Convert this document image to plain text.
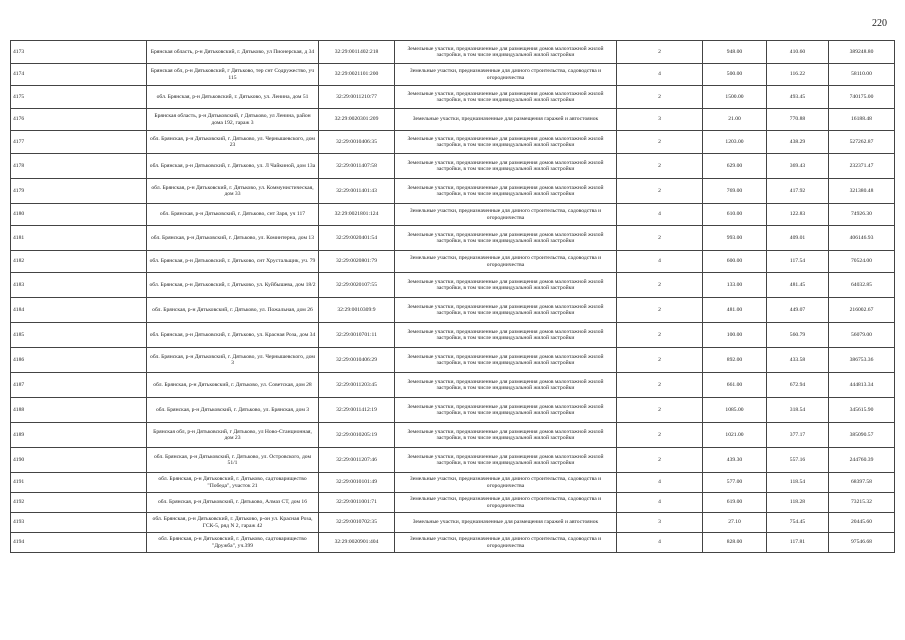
220
4173	Брянская область, р-н Дятьковский, г. Дятьково, ул Пионерская, д 34	32:29:0011402:218	Земельные участки, предназначенные для размещения домов малоэтажной жилой застройки, в том числе индивидуальной жилой застройки	2	948.00	410.60	389248.80
4174	Брянская обл, р-н Дятьковский, г Дятьково, тер снт Содружество, уч 115	32:29:0021101:200	Земельные участки, предназначенные для дачного строительства, садоводства и огородничества	4	500.00	116.22	58110.00
4175	обл. Брянская, р-н Дятьковский, г. Дятьково, ул. Ленина, дом 51	32:29:0011210:77	Земельные участки, предназначенные для размещения домов малоэтажной жилой застройки, в том числе индивидуальной жилой застройки	2	1500.00	493.45	740175.00
4176	Брянская область, р-н Дятьковский, г Дятьково, ул Ленина, район дома 192, гараж 3	32:29:0020301:209	Земельные участки, предназначенные для размещения гаражей и автостоянок	3	21.00	770.88	16188.48
4177	обл. Брянская, р-н Дятьковский, г. Дятьково, ул. Чернышевского, дом 23	32:29:0010406:35	Земельные участки, предназначенные для размещения домов малоэтажной жилой застройки, в том числе индивидуальной жилой застройки	2	1203.00	438.29	527262.87
4178	обл. Брянская, р-н Дятьковский, г. Дятьково, ул. Л Чайкиной, дом 13а	32:29:0011407:58	Земельные участки, предназначенные для размещения домов малоэтажной жилой застройки, в том числе индивидуальной жилой застройки	2	629.00	369.43	232371.47
4179	обл. Брянская, р-н Дятьковский, г. Дятьково, ул. Коммунистическая, дом 33	32:29:0011401:43	Земельные участки, предназначенные для размещения домов малоэтажной жилой застройки, в том числе индивидуальной жилой застройки	2	769.00	417.92	321380.48
4180	обл. Брянская, р-н Дятьковский, г. Дятьково, снт Заря, уч 117	32:29:0021801:124	Земельные участки, предназначенные для дачного строительства, садоводства и огородничества	4	610.00	122.83	74926.30
4181	обл. Брянская, р-н Дятьковский, г. Дятьково, ул. Коминтерна, дом 13	32:29:0020401:54	Земельные участки, предназначенные для размещения домов малоэтажной жилой застройки, в том числе индивидуальной жилой застройки	2	993.00	409.01	406146.93
4182	обл. Брянская, р-н Дятьковский, г. Дятьково, снт Хрустальщик, уч. 79	32:29:0020801:79	Земельные участки, предназначенные для дачного строительства, садоводства и огородничества	4	600.00	117.54	70524.00
4183	обл. Брянская, р-н Дятьковский, г. Дятьково, ул. Куйбышева, дом 18/2	32:29:0020107:55	Земельные участки, предназначенные для размещения домов малоэтажной жилой застройки, в том числе индивидуальной жилой застройки	2	133.00	481.45	64032.85
4184	обл. Брянская, р-н Дятьковский, г. Дятьково, ул. Пожальная, дом 26	32:29:0010309:9	Земельные участки, предназначенные для размещения домов малоэтажной жилой застройки, в том числе индивидуальной жилой застройки	2	481.00	449.07	216002.67
4185	обл. Брянская, р-н Дятьковский, г. Дятьково, ул. Красная Роза, дом 34	32:29:0010701:11	Земельные участки, предназначенные для размещения домов малоэтажной жилой застройки, в том числе индивидуальной жилой застройки	2	100.00	560.79	56079.00
4186	обл. Брянская, р-н Дятьковский, г. Дятьково, ул. Чернышевского, дом 3	32:29:0010406:29	Земельные участки, предназначенные для размещения домов малоэтажной жилой застройки, в том числе индивидуальной жилой застройки	2	892.00	433.58	386753.36
4187	обл. Брянская, р-н Дятьковский, г. Дятьково, ул. Советская, дом 28	32:29:0011203:45	Земельные участки, предназначенные для размещения домов малоэтажной жилой застройки, в том числе индивидуальной жилой застройки	2	661.00	672.94	444813.34
4188	обл. Брянская, р-н Дятьковский, г. Дятьково, ул. Брянская, дом 3	32:29:0011412:19	Земельные участки, предназначенные для размещения домов малоэтажной жилой застройки, в том числе индивидуальной жилой застройки	2	1085.00	318.54	345615.90
4189	Брянская обл, р-н Дятьковский, г Дятьково, ул Ново-Станционная, дом 23	32:29:0010205:19	Земельные участки, предназначенные для размещения домов малоэтажной жилой застройки, в том числе индивидуальной жилой застройки	2	1021.00	377.17	385090.57
4190	обл. Брянская, р-н Дятьковский, г. Дятьково, ул. Островского, дом 51/1	32:29:0011207:46	Земельные участки, предназначенные для размещения домов малоэтажной жилой застройки, в том числе индивидуальной жилой застройки	2	439.30	557.16	244760.39
4191	обл. Брянская, р-н Дятьковский, г. Дятьково, садтоварищество "Победа", участок 21	32:29:0010101:49	Земельные участки, предназначенные для дачного строительства, садоводства и огородничества	4	577.00	118.54	68397.58
4192	обл. Брянская, р-н Дятьковский, г. Дятьково, Алмаз СТ, дом 16	32:29:0011001:71	Земельные участки, предназначенные для дачного строительства, садоводства и огородничества	4	619.00	118.28	73215.32
4193	обл. Брянская, р-н Дятьковский, г. Дятьково, р-он ул. Красная Роза, ГСК-5, ряд N 2, гараж 42	32:29:0010702:35	Земельные участки, предназначенные для размещения гаражей и автостоянок	3	27.10	754.45	20445.60
4194	обл. Брянская, р-н Дятьковский, г. Дятьково, садтоварищество "Дружба", уч.399	32:29:0020901:404	Земельные участки, предназначенные для дачного строительства, садоводства и огородничества	4	828.00	117.81	97546.68
